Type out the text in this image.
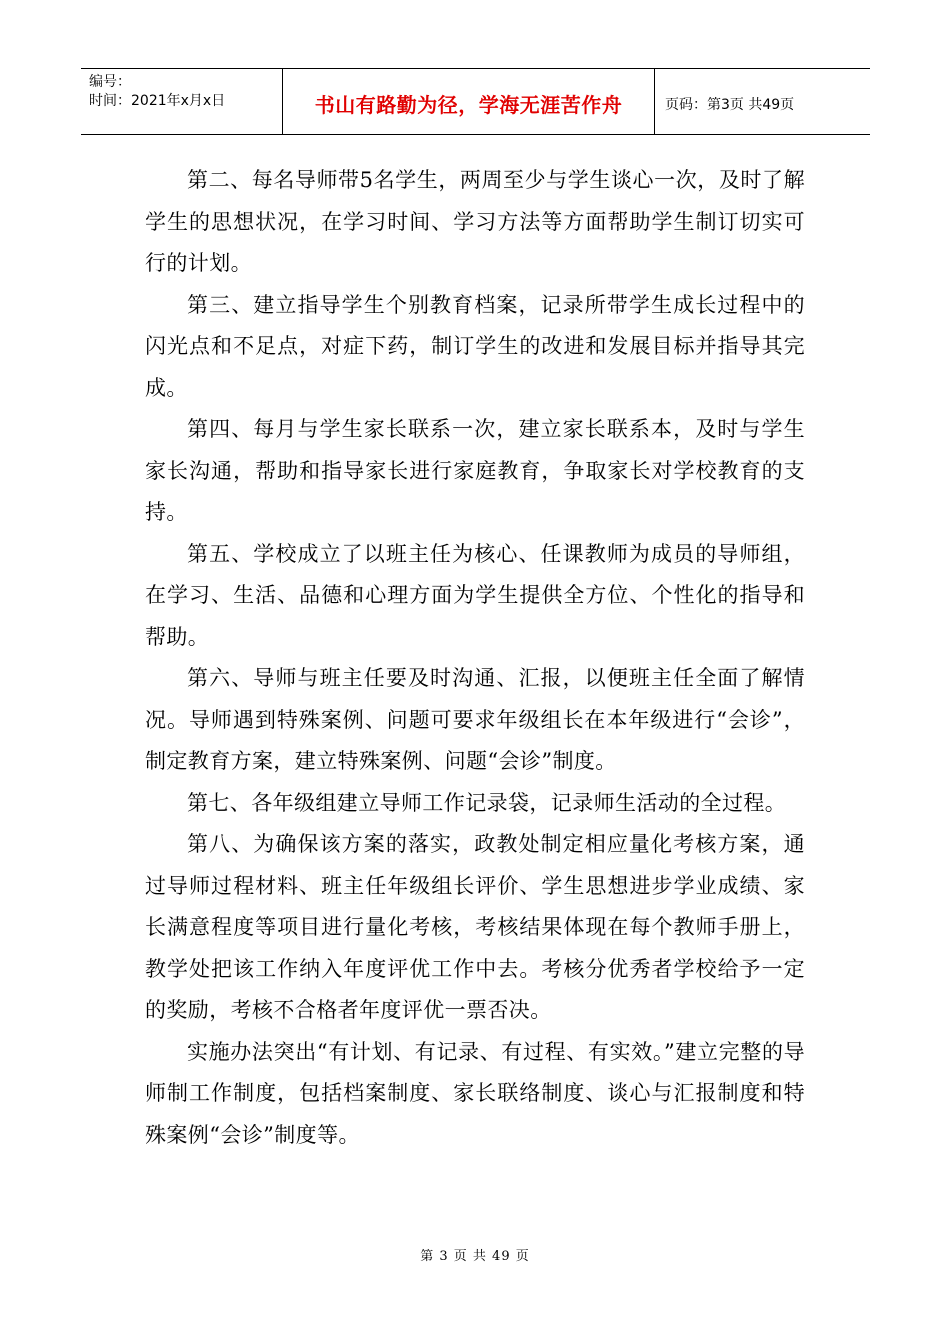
编号：
时间：2021年x月x日	书山有路勤为径，学海无涯苦作舟	页码：第3页 共49页

第二、每名导师带5名学生，两周至少与学生谈心一次，及时了解学生的思想状况，在学习时间、学习方法等方面帮助学生制订切实可行的计划。

第三、建立指导学生个别教育档案，记录所带学生成长过程中的闪光点和不足点，对症下药，制订学生的改进和发展目标并指导其完成。

第四、每月与学生家长联系一次，建立家长联系本，及时与学生家长沟通，帮助和指导家长进行家庭教育，争取家长对学校教育的支持。

第五、学校成立了以班主任为核心、任课教师为成员的导师组，在学习、生活、品德和心理方面为学生提供全方位、个性化的指导和帮助。

第六、导师与班主任要及时沟通、汇报，以便班主任全面了解情况。导师遇到特殊案例、问题可要求年级组长在本年级进行“会诊”，制定教育方案，建立特殊案例、问题“会诊”制度。

第七、各年级组建立导师工作记录袋，记录师生活动的全过程。

第八、为确保该方案的落实，政教处制定相应量化考核方案，通过导师过程材料、班主任年级组长评价、学生思想进步学业成绩、家长满意程度等项目进行量化考核，考核结果体现在每个教师手册上，教学处把该工作纳入年度评优工作中去。考核分优秀者学校给予一定的奖励，考核不合格者年度评优一票否决。

实施办法突出“有计划、有记录、有过程、有实效。”建立完整的导师制工作制度，包括档案制度、家长联络制度、谈心与汇报制度和特殊案例“会诊”制度等。

第 3 页 共 49 页
